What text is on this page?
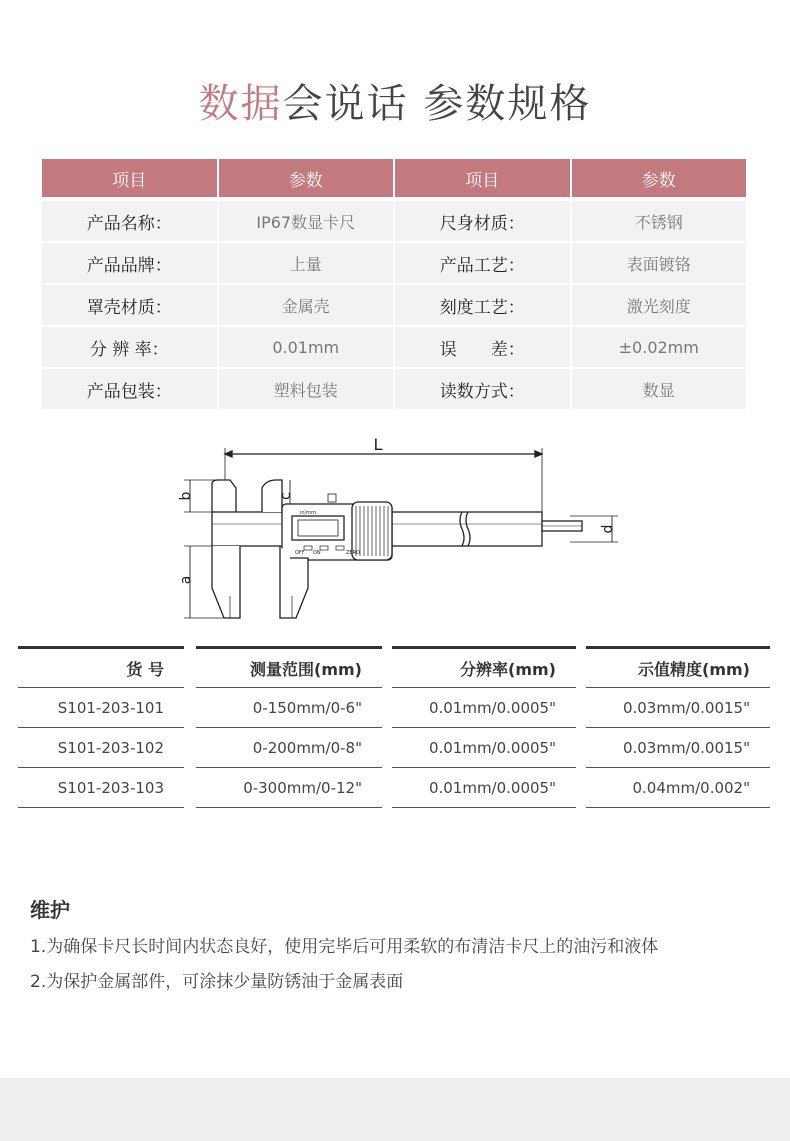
数据会说话 参数规格
项目	参数	项目	参数
产品名称：	IP67数显卡尺	尺身材质：	不锈钢
产品品牌：	上量	产品工艺：	表面镀铬
罩壳材质：	金属壳	刻度工艺：	激光刻度
分 辨 率：	0.01mm	误　　差：	±0.02mm
产品包装：	塑料包装	读数方式：	数显
L
b
a
c
d
in/mm
OFF ON	ZERO
货 号	测量范围(mm)	分辨率(mm)	示值精度(mm)
S101-203-101	0-150mm/0-6"	0.01mm/0.0005"	0.03mm/0.0015"
S101-203-102	0-200mm/0-8"	0.01mm/0.0005"	0.03mm/0.0015"
S101-203-103	0-300mm/0-12"	0.01mm/0.0005"	0.04mm/0.002"
维护
1.为确保卡尺长时间内状态良好，使用完毕后可用柔软的布清洁卡尺上的油污和液体
2.为保护金属部件，可涂抹少量防锈油于金属表面
